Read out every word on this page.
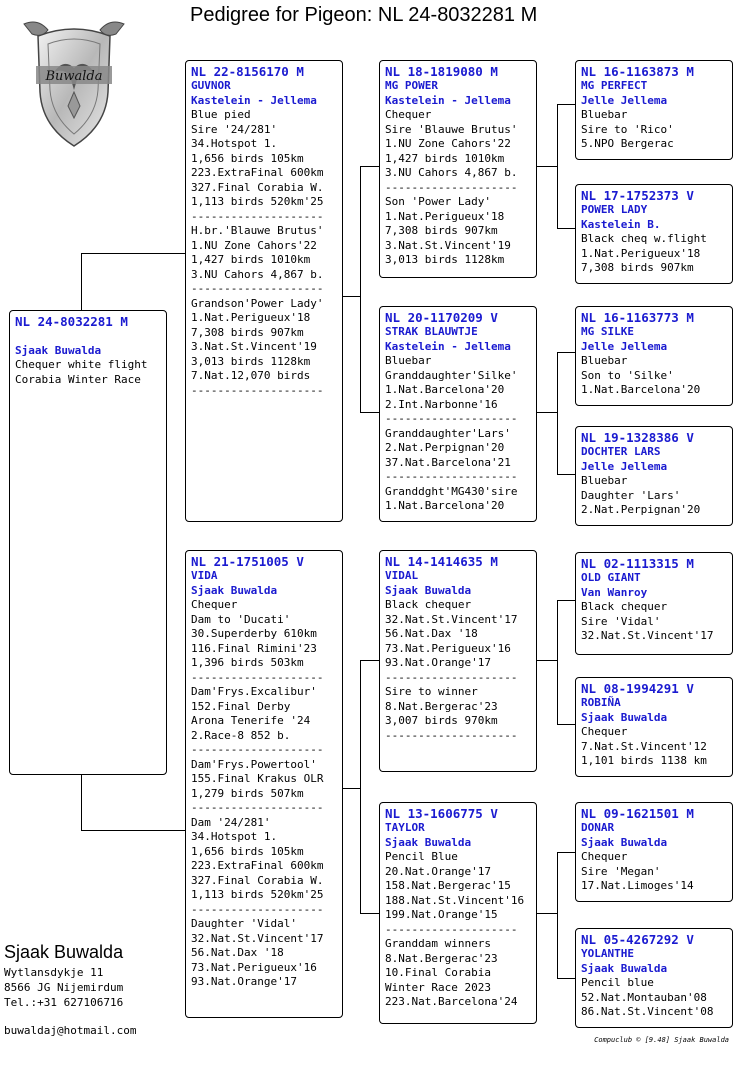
Pedigree for Pigeon: NL 24-8032281 M
Buwalda
NL 24-8032281 M

Sjaak Buwalda
Chequer white flight
Corabia Winter Race
NL 22-8156170 M
GUVNOR
Kastelein - Jellema
Blue pied
Sire '24/281'
34.Hotspot 1.
1,656 birds 105km
223.ExtraFinal 600km
327.Final Corabia W.
1,113 birds 520km'25
--------------------
H.br.'Blauwe Brutus'
1.NU Zone Cahors'22
1,427 birds 1010km
3.NU Cahors 4,867 b.
--------------------
Grandson'Power Lady'
1.Nat.Perigueux'18
7,308 birds 907km
3.Nat.St.Vincent'19
3,013 birds 1128km
7.Nat.12,070 birds
--------------------
NL 21-1751005 V
VIDA
Sjaak Buwalda
Chequer
Dam to 'Ducati'
30.Superderby 610km
116.Final Rimini'23
1,396 birds 503km
--------------------
Dam'Frys.Excalibur'
152.Final Derby
Arona Tenerife '24
2.Race-8 852 b.
--------------------
Dam'Frys.Powertool'
155.Final Krakus OLR
1,279 birds 507km
--------------------
Dam '24/281'
34.Hotspot 1.
1,656 birds 105km
223.ExtraFinal 600km
327.Final Corabia W.
1,113 birds 520km'25
--------------------
Daughter 'Vidal'
32.Nat.St.Vincent'17
56.Nat.Dax '18
73.Nat.Perigueux'16
93.Nat.Orange'17
NL 18-1819080 M
MG POWER
Kastelein - Jellema
Chequer
Sire 'Blauwe Brutus'
1.NU Zone Cahors'22
1,427 birds 1010km
3.NU Cahors 4,867 b.
--------------------
Son 'Power Lady'
1.Nat.Perigueux'18
7,308 birds 907km
3.Nat.St.Vincent'19
3,013 birds 1128km
NL 20-1170209 V
STRAK BLAUWTJE
Kastelein - Jellema
Bluebar
Granddaughter'Silke'
1.Nat.Barcelona'20
2.Int.Narbonne'16
--------------------
Granddaughter'Lars'
2.Nat.Perpignan'20
37.Nat.Barcelona'21
--------------------
Granddght'MG430'sire
1.Nat.Barcelona'20
NL 14-1414635 M
VIDAL
Sjaak Buwalda
Black chequer
32.Nat.St.Vincent'17
56.Nat.Dax '18
73.Nat.Perigueux'16
93.Nat.Orange'17
--------------------
Sire to winner
8.Nat.Bergerac'23
3,007 birds 970km
--------------------
NL 13-1606775 V
TAYLOR
Sjaak Buwalda
Pencil Blue
20.Nat.Orange'17
158.Nat.Bergerac'15
188.Nat.St.Vincent'16
199.Nat.Orange'15
--------------------
Granddam winners
8.Nat.Bergerac'23
10.Final Corabia
Winter Race 2023
223.Nat.Barcelona'24
NL 16-1163873 M
MG PERFECT
Jelle Jellema
Bluebar
Sire to 'Rico'
5.NPO Bergerac
NL 17-1752373 V
POWER LADY
Kastelein B.
Black cheq w.flight
1.Nat.Perigueux'18
7,308 birds 907km
NL 16-1163773 M
MG SILKE
Jelle Jellema
Bluebar
Son to 'Silke'
1.Nat.Barcelona'20
NL 19-1328386 V
DOCHTER LARS
Jelle Jellema
Bluebar
Daughter 'Lars'
2.Nat.Perpignan'20
NL 02-1113315 M
OLD GIANT
Van Wanroy
Black chequer
Sire 'Vidal'
32.Nat.St.Vincent'17
NL 08-1994291 V
ROBIÑA
Sjaak Buwalda
Chequer
7.Nat.St.Vincent'12
1,101 birds 1138 km
NL 09-1621501 M
DONAR
Sjaak Buwalda
Chequer
Sire 'Megan'
17.Nat.Limoges'14
NL 05-4267292 V
YOLANTHE
Sjaak Buwalda
Pencil blue
52.Nat.Montauban'08
86.Nat.St.Vincent'08
Sjaak Buwalda
Wytlansdykje 11
8566 JG Nijemirdum
Tel.:+31 627106716
buwaldaj@hotmail.com
Compuclub © [9.48] Sjaak Buwalda
